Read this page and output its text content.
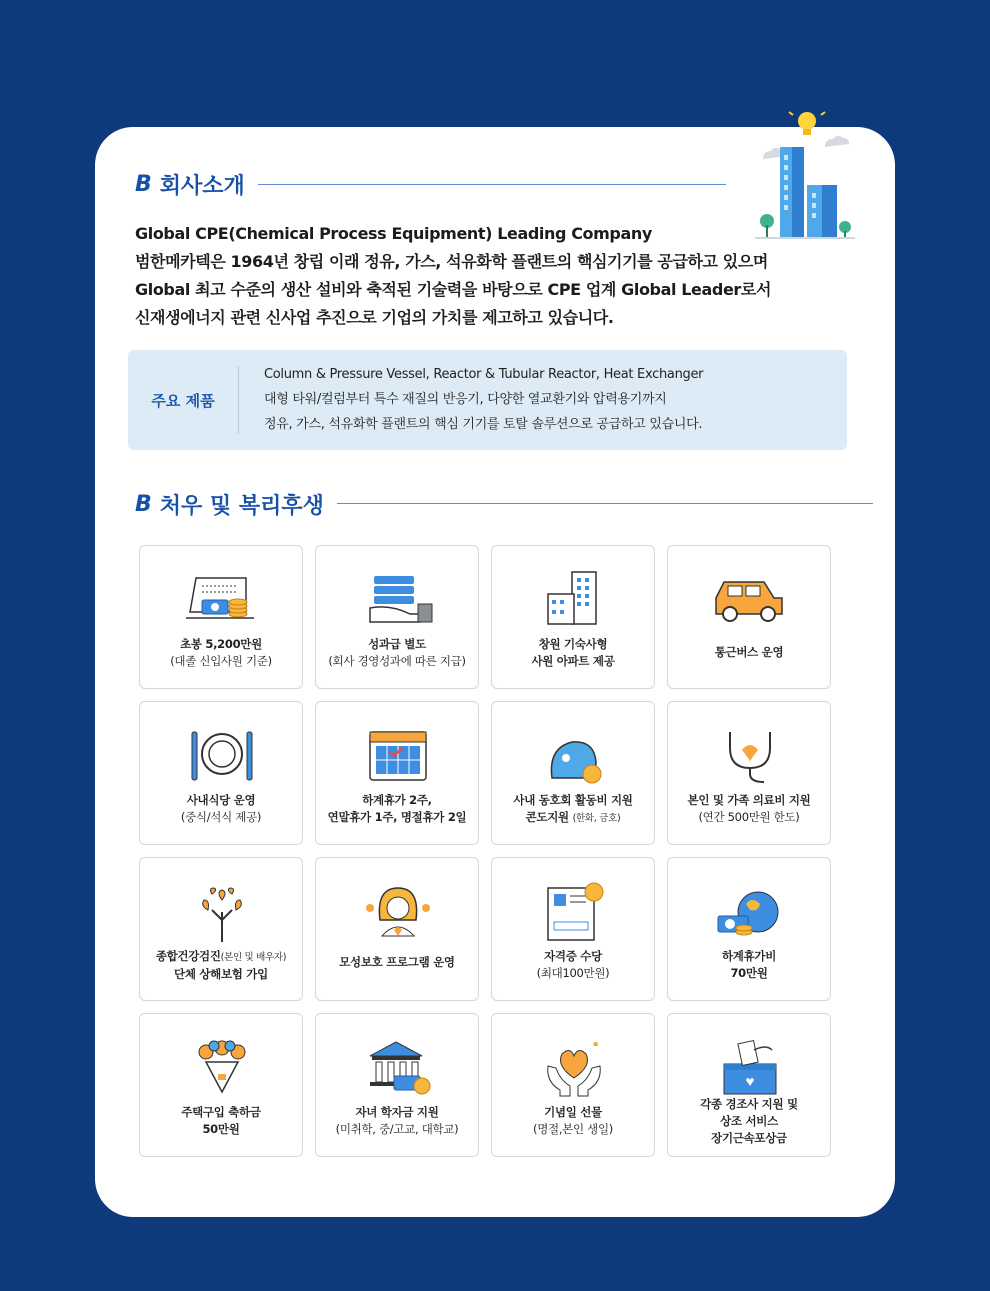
B 회사소개
Global CPE(Chemical Process Equipment) Leading Company
범한메카텍은 1964년 창립 이래 정유, 가스, 석유화학 플랜트의 핵심기기를 공급하고 있으며
Global 최고 수준의 생산 설비와 축적된 기술력을 바탕으로 CPE 업계 Global Leader로서
신재생에너지 관련 신사업 추진으로 기업의 가치를 제고하고 있습니다.
주요 제품
Column & Pressure Vessel, Reactor & Tubular Reactor, Heat Exchanger
대형 타워/컬럼부터 특수 재질의 반응기, 다양한 열교환기와 압력용기까지
정유, 가스, 석유화학 플랜트의 핵심 기기를 토탈 솔루션으로 공급하고 있습니다.
B 처우 및 복리후생
초봉 5,200만원
(대졸 신입사원 기준)
성과급 별도
(회사 경영성과에 따른 지급)
창원 기숙사형
사원 아파트 제공
통근버스 운영
사내식당 운영
(중식/석식 제공)
하계휴가 2주,
연말휴가 1주, 명절휴가 2일
사내 동호회 활동비 지원
콘도지원 (한화, 금호)
본인 및 가족 의료비 지원
(연간 500만원 한도)
종합건강검진(본인 및 배우자)
단체 상해보험 가입
모성보호 프로그램 운영	자격증 수당
(최대100만원)
하계휴가비
70만원
주택구입 축하금
50만원
자녀 학자금 지원
(미취학, 중/고교, 대학교)
기념일 선물
(명절,본인 생일)
각종 경조사 지원 및
상조 서비스
장기근속포상금
